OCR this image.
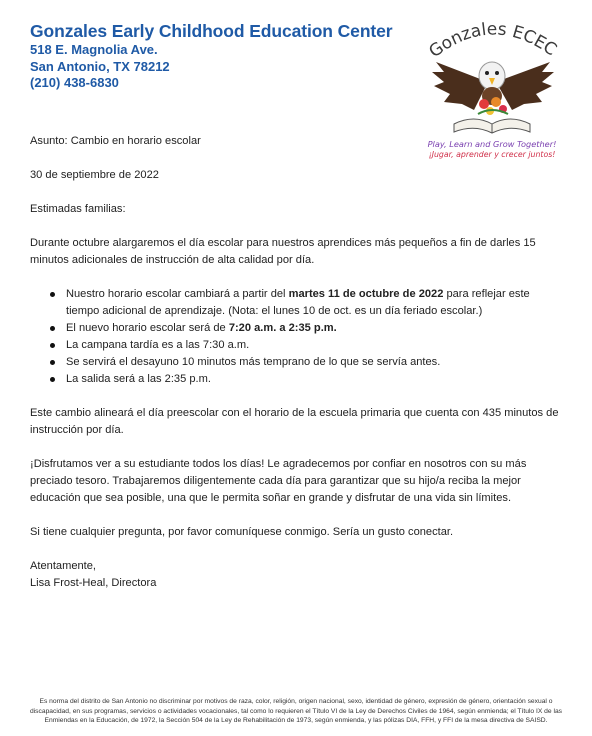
Gonzales Early Childhood Education Center
518 E. Magnolia Ave.
San Antonio, TX 78212
(210) 438-6830
Gonzales ECEC
Play, Learn and Grow Together!
¡Jugar, aprender y crecer juntos!

Asunto: Cambio en horario escolar

30 de septiembre de 2022

Estimadas familias:

Durante octubre alargaremos el día escolar para nuestros aprendices más pequeños a fin de darles 15 minutos adicionales de instrucción de alta calidad por día.

Nuestro horario escolar cambiará a partir del martes 11 de octubre de 2022 para reflejar este tiempo adicional de aprendizaje. (Nota: el lunes 10 de oct. es un día feriado escolar.)
El nuevo horario escolar será de 7:20 a.m. a 2:35 p.m.
La campana tardía es a las 7:30 a.m.
Se servirá el desayuno 10 minutos más temprano de lo que se servía antes.
La salida será a las 2:35 p.m.

Este cambio alineará el día preescolar con el horario de la escuela primaria que cuenta con 435 minutos de instrucción por día.

¡Disfrutamos ver a su estudiante todos los días! Le agradecemos por confiar en nosotros con su más preciado tesoro. Trabajaremos diligentemente cada día para garantizar que su hijo/a reciba la mejor educación que sea posible, una que le permita soñar en grande y disfrutar de una vida sin límites.

Si tiene cualquier pregunta, por favor comuníquese conmigo. Sería un gusto conectar.

Atentamente,

Lisa Frost-Heal, Directora

Es norma del distrito de San Antonio no discriminar por motivos de raza, color, religión, origen nacional, sexo, identidad de género, expresión de género, orientación sexual o discapacidad, en sus programas, servicios o actividades vocacionales, tal como lo requieren el Título VI de la Ley de Derechos Civiles de 1964, según enmienda; el Título IX de las Enmiendas en la Educación, de 1972, la Sección 504 de la Ley de Rehabilitación de 1973, según enmienda, y las pólizas DIA, FFH, y FFI de la mesa directiva de SAISD.
